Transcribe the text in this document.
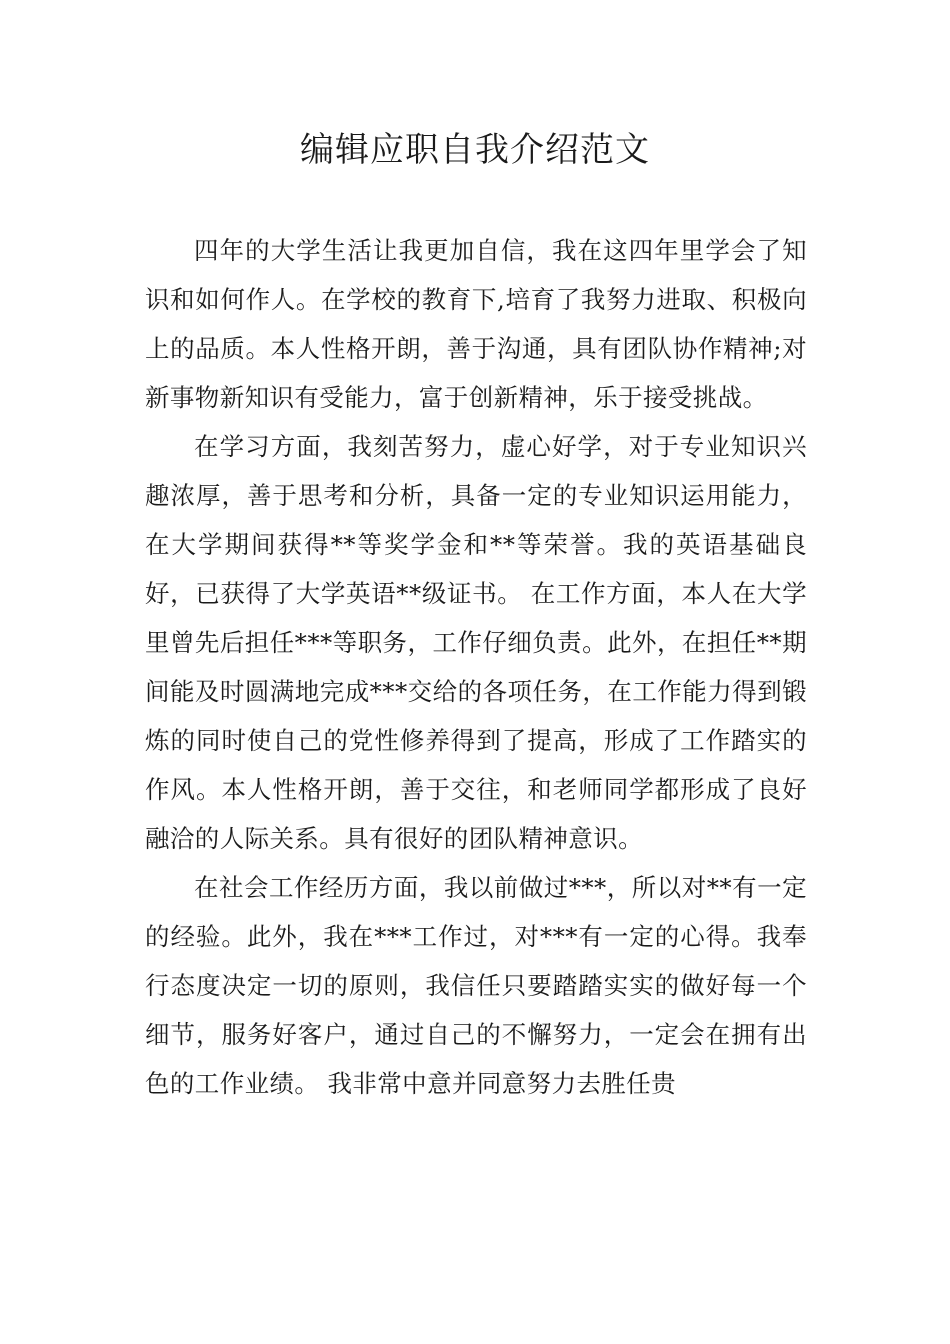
编辑应职自我介绍范文

四年的大学生活让我更加自信，我在这四年里学会了知识和如何作人。在学校的教育下,培育了我努力进取、积极向上的品质。本人性格开朗，善于沟通，具有团队协作精神;对新事物新知识有受能力，富于创新精神，乐于接受挑战。

在学习方面，我刻苦努力，虚心好学，对于专业知识兴趣浓厚，善于思考和分析，具备一定的专业知识运用能力，在大学期间获得**等奖学金和**等荣誉。我的英语基础良好，已获得了大学英语**级证书。 在工作方面，本人在大学里曾先后担任***等职务，工作仔细负责。此外，在担任**期间能及时圆满地完成***交给的各项任务，在工作能力得到锻炼的同时使自己的党性修养得到了提高，形成了工作踏实的作风。本人性格开朗，善于交往，和老师同学都形成了良好融洽的人际关系。具有很好的团队精神意识。

在社会工作经历方面，我以前做过***，所以对**有一定的经验。此外，我在***工作过，对***有一定的心得。我奉行态度决定一切的原则，我信任只要踏踏实实的做好每一个细节，服务好客户，通过自己的不懈努力，一定会在拥有出色的工作业绩。 我非常中意并同意努力去胜任贵
